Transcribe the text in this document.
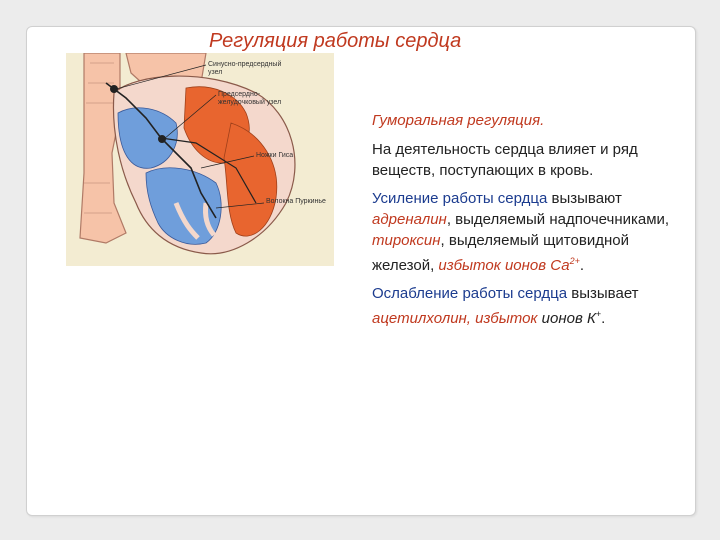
Регуляция работы сердца
Синусно-предсердный узел
Предсердно-желудочковый узел
Ножки Гиса
Волокна Пуркинье

Гуморальная регуляция.

На деятельность сердца влияет и ряд веществ, поступающих в кровь.

Усиление работы сердца вызывают адреналин, выделяемый надпочечниками, тироксин, выделяемый щитовидной железой, избыток ионов $Са^{2+}$.

Ослабление работы сердца вызывает ацетилхолин, избыток ионов К+.
